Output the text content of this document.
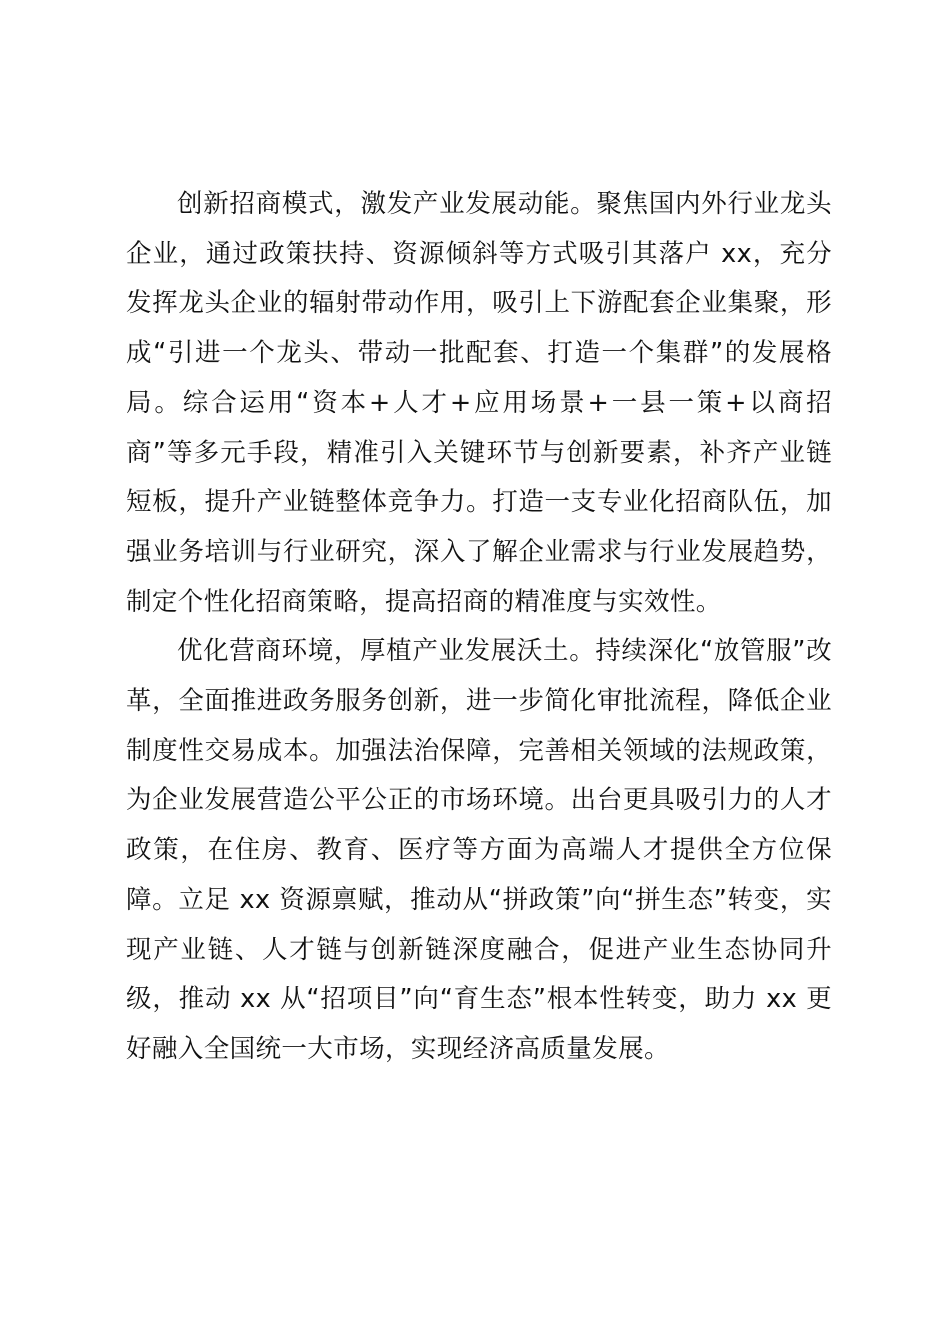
创新招商模式，激发产业发展动能。聚焦国内外行业龙头企业，通过政策扶持、资源倾斜等方式吸引其落户 xx，充分发挥龙头企业的辐射带动作用，吸引上下游配套企业集聚，形成“引进一个龙头、带动一批配套、打造一个集群”的发展格局。综合运用“资本+人才+应用场景+一县一策+以商招商”等多元手段，精准引入关键环节与创新要素，补齐产业链短板，提升产业链整体竞争力。打造一支专业化招商队伍，加强业务培训与行业研究，深入了解企业需求与行业发展趋势，制定个性化招商策略，提高招商的精准度与实效性。

优化营商环境，厚植产业发展沃土。持续深化“放管服”改革，全面推进政务服务创新，进一步简化审批流程，降低企业制度性交易成本。加强法治保障，完善相关领域的法规政策，为企业发展营造公平公正的市场环境。出台更具吸引力的人才政策，在住房、教育、医疗等方面为高端人才提供全方位保障。立足 xx 资源禀赋，推动从“拼政策”向“拼生态”转变，实现产业链、人才链与创新链深度融合，促进产业生态协同升级，推动 xx 从“招项目”向“育生态”根本性转变，助力 xx 更好融入全国统一大市场，实现经济高质量发展。
